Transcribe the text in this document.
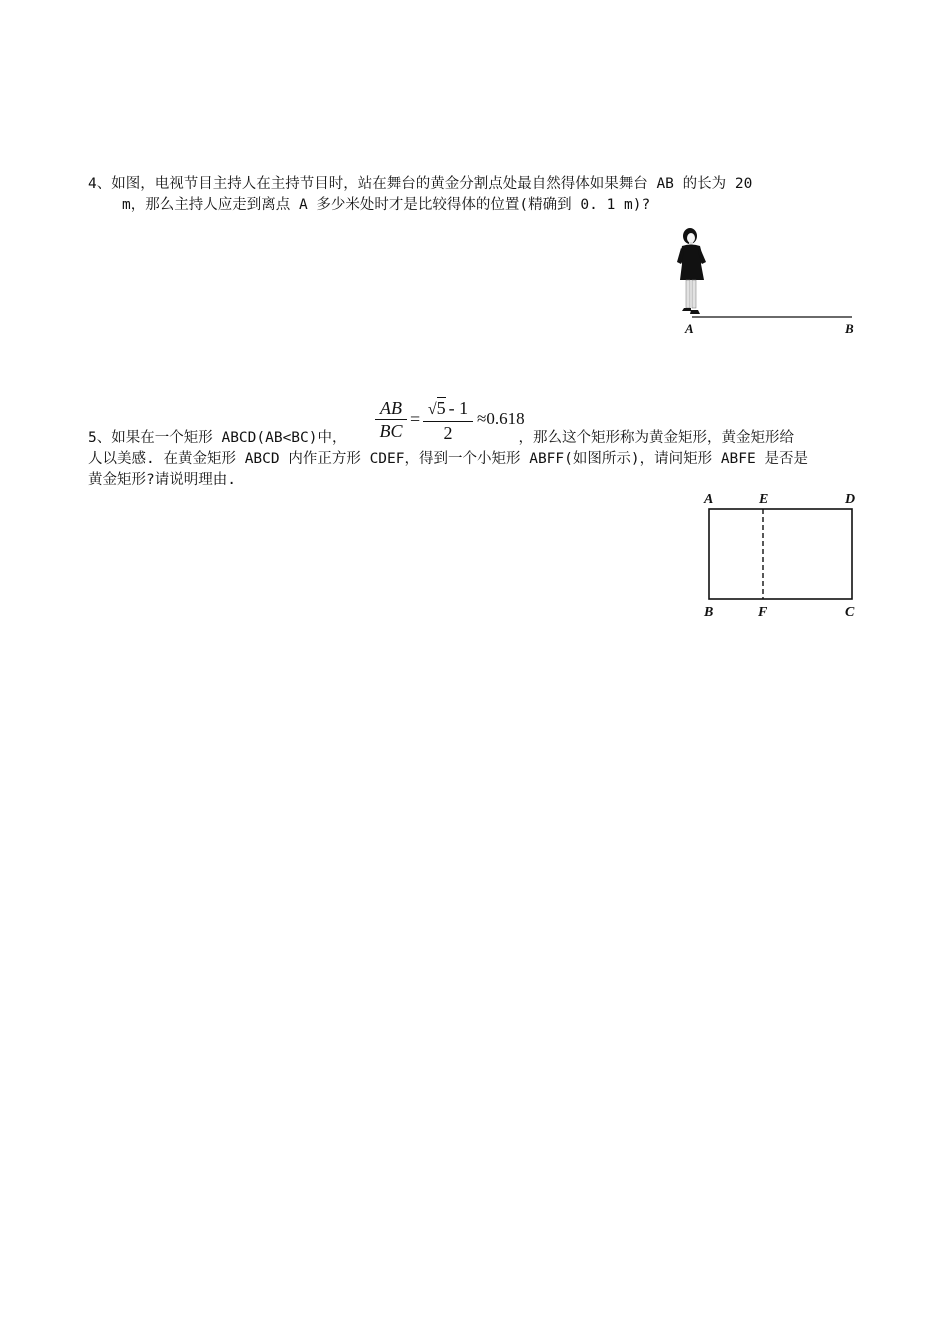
4、如图，电视节目主持人在主持节目时，站在舞台的黄金分割点处最自然得体如果舞台 AB 的长为 20
m，那么主持人应走到离点 A 多少米处时才是比较得体的位置(精确到 0. 1 m)?
A	B
AB
BC
= √5 - 1
2
≈0.618
5、如果在一个矩形 ABCD(AB<BC)中，	，那么这个矩形称为黄金矩形，黄金矩形给
人以美感. 在黄金矩形 ABCD 内作正方形 CDEF，得到一个小矩形 ABFF(如图所示)，请问矩形 ABFE 是否是
黄金矩形?请说明理由.
A	E	D
B	F	C
